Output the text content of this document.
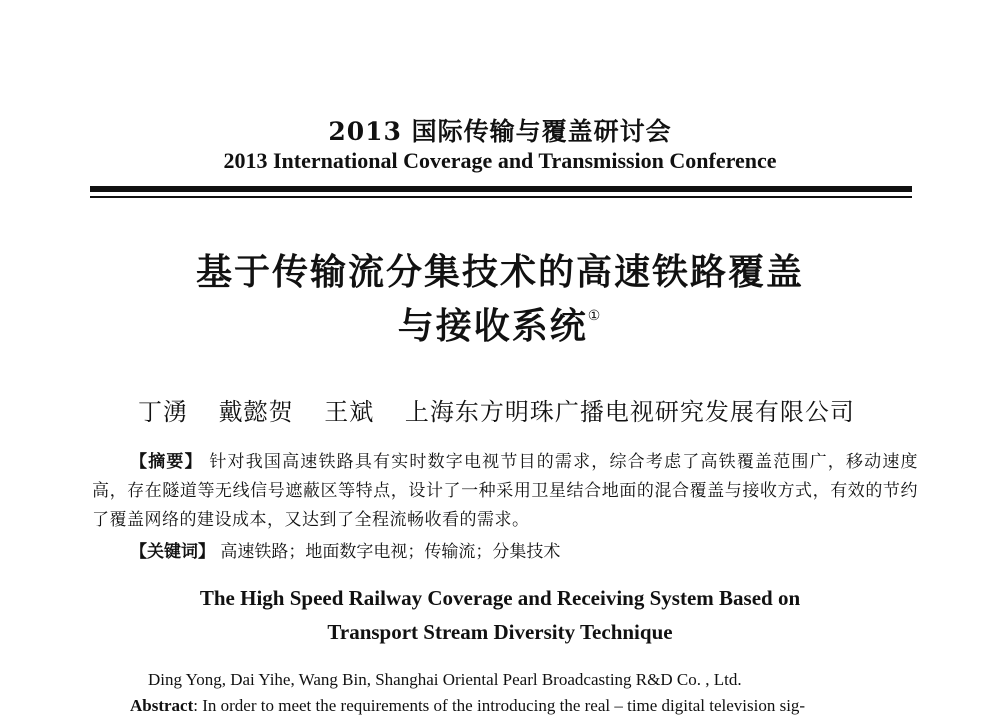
2013 国际传输与覆盖研讨会
2013 International Coverage and Transmission Conference
基于传输流分集技术的高速铁路覆盖
与接收系统①
丁湧 戴懿贺 王斌 上海东方明珠广播电视研究发展有限公司
【摘要】 针对我国高速铁路具有实时数字电视节目的需求，综合考虑了高铁覆盖范围广，移动速度高，存在隧道等无线信号遮蔽区等特点，设计了一种采用卫星结合地面的混合覆盖与接收方式，有效的节约了覆盖网络的建设成本，又达到了全程流畅收看的需求。
【关键词】 高速铁路；地面数字电视；传输流；分集技术
The High Speed Railway Coverage and Receiving System Based on
Transport Stream Diversity Technique
Ding Yong, Dai Yihe, Wang Bin, Shanghai Oriental Pearl Broadcasting R&D Co. , Ltd.
Abstract: In order to meet the requirements of the introducing the real – time digital television sig-
